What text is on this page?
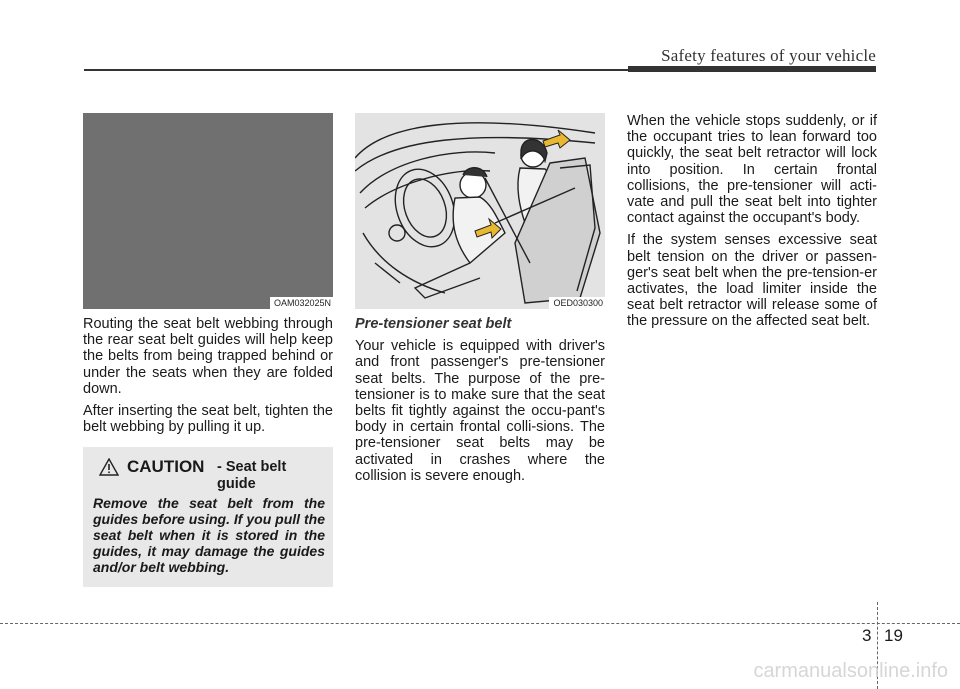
Safety features of your vehicle
OAM032025N	OED030300

Routing the seat belt webbing through the rear seat belt guides will help keep the belts from being trapped behind or under the seats when they are folded down.

After inserting the seat belt, tighten the belt webbing by pulling it up.

CAUTION - Seat belt guide
Remove the seat belt from the guides before using. If you pull the seat belt when it is stored in the guides, it may damage the guides and/or belt webbing.

Pre-tensioner seat belt

Your vehicle is equipped with driver's and front passenger's pre-tensioner seat belts. The purpose of the pre-tensioner is to make sure that the seat belts fit tightly against the occu-pant's body in certain frontal colli-sions. The pre-tensioner seat belts may be activated in crashes where the collision is severe enough.

When the vehicle stops suddenly, or if the occupant tries to lean forward too quickly, the seat belt retractor will lock into position. In certain frontal collisions, the pre-tensioner will acti-vate and pull the seat belt into tighter contact against the occupant's body.

If the system senses excessive seat belt tension on the driver or passen-ger's seat belt when the pre-tension-er activates, the load limiter inside the seat belt retractor will release some of the pressure on the affected seat belt.

3 19
carmanualsonline.info
